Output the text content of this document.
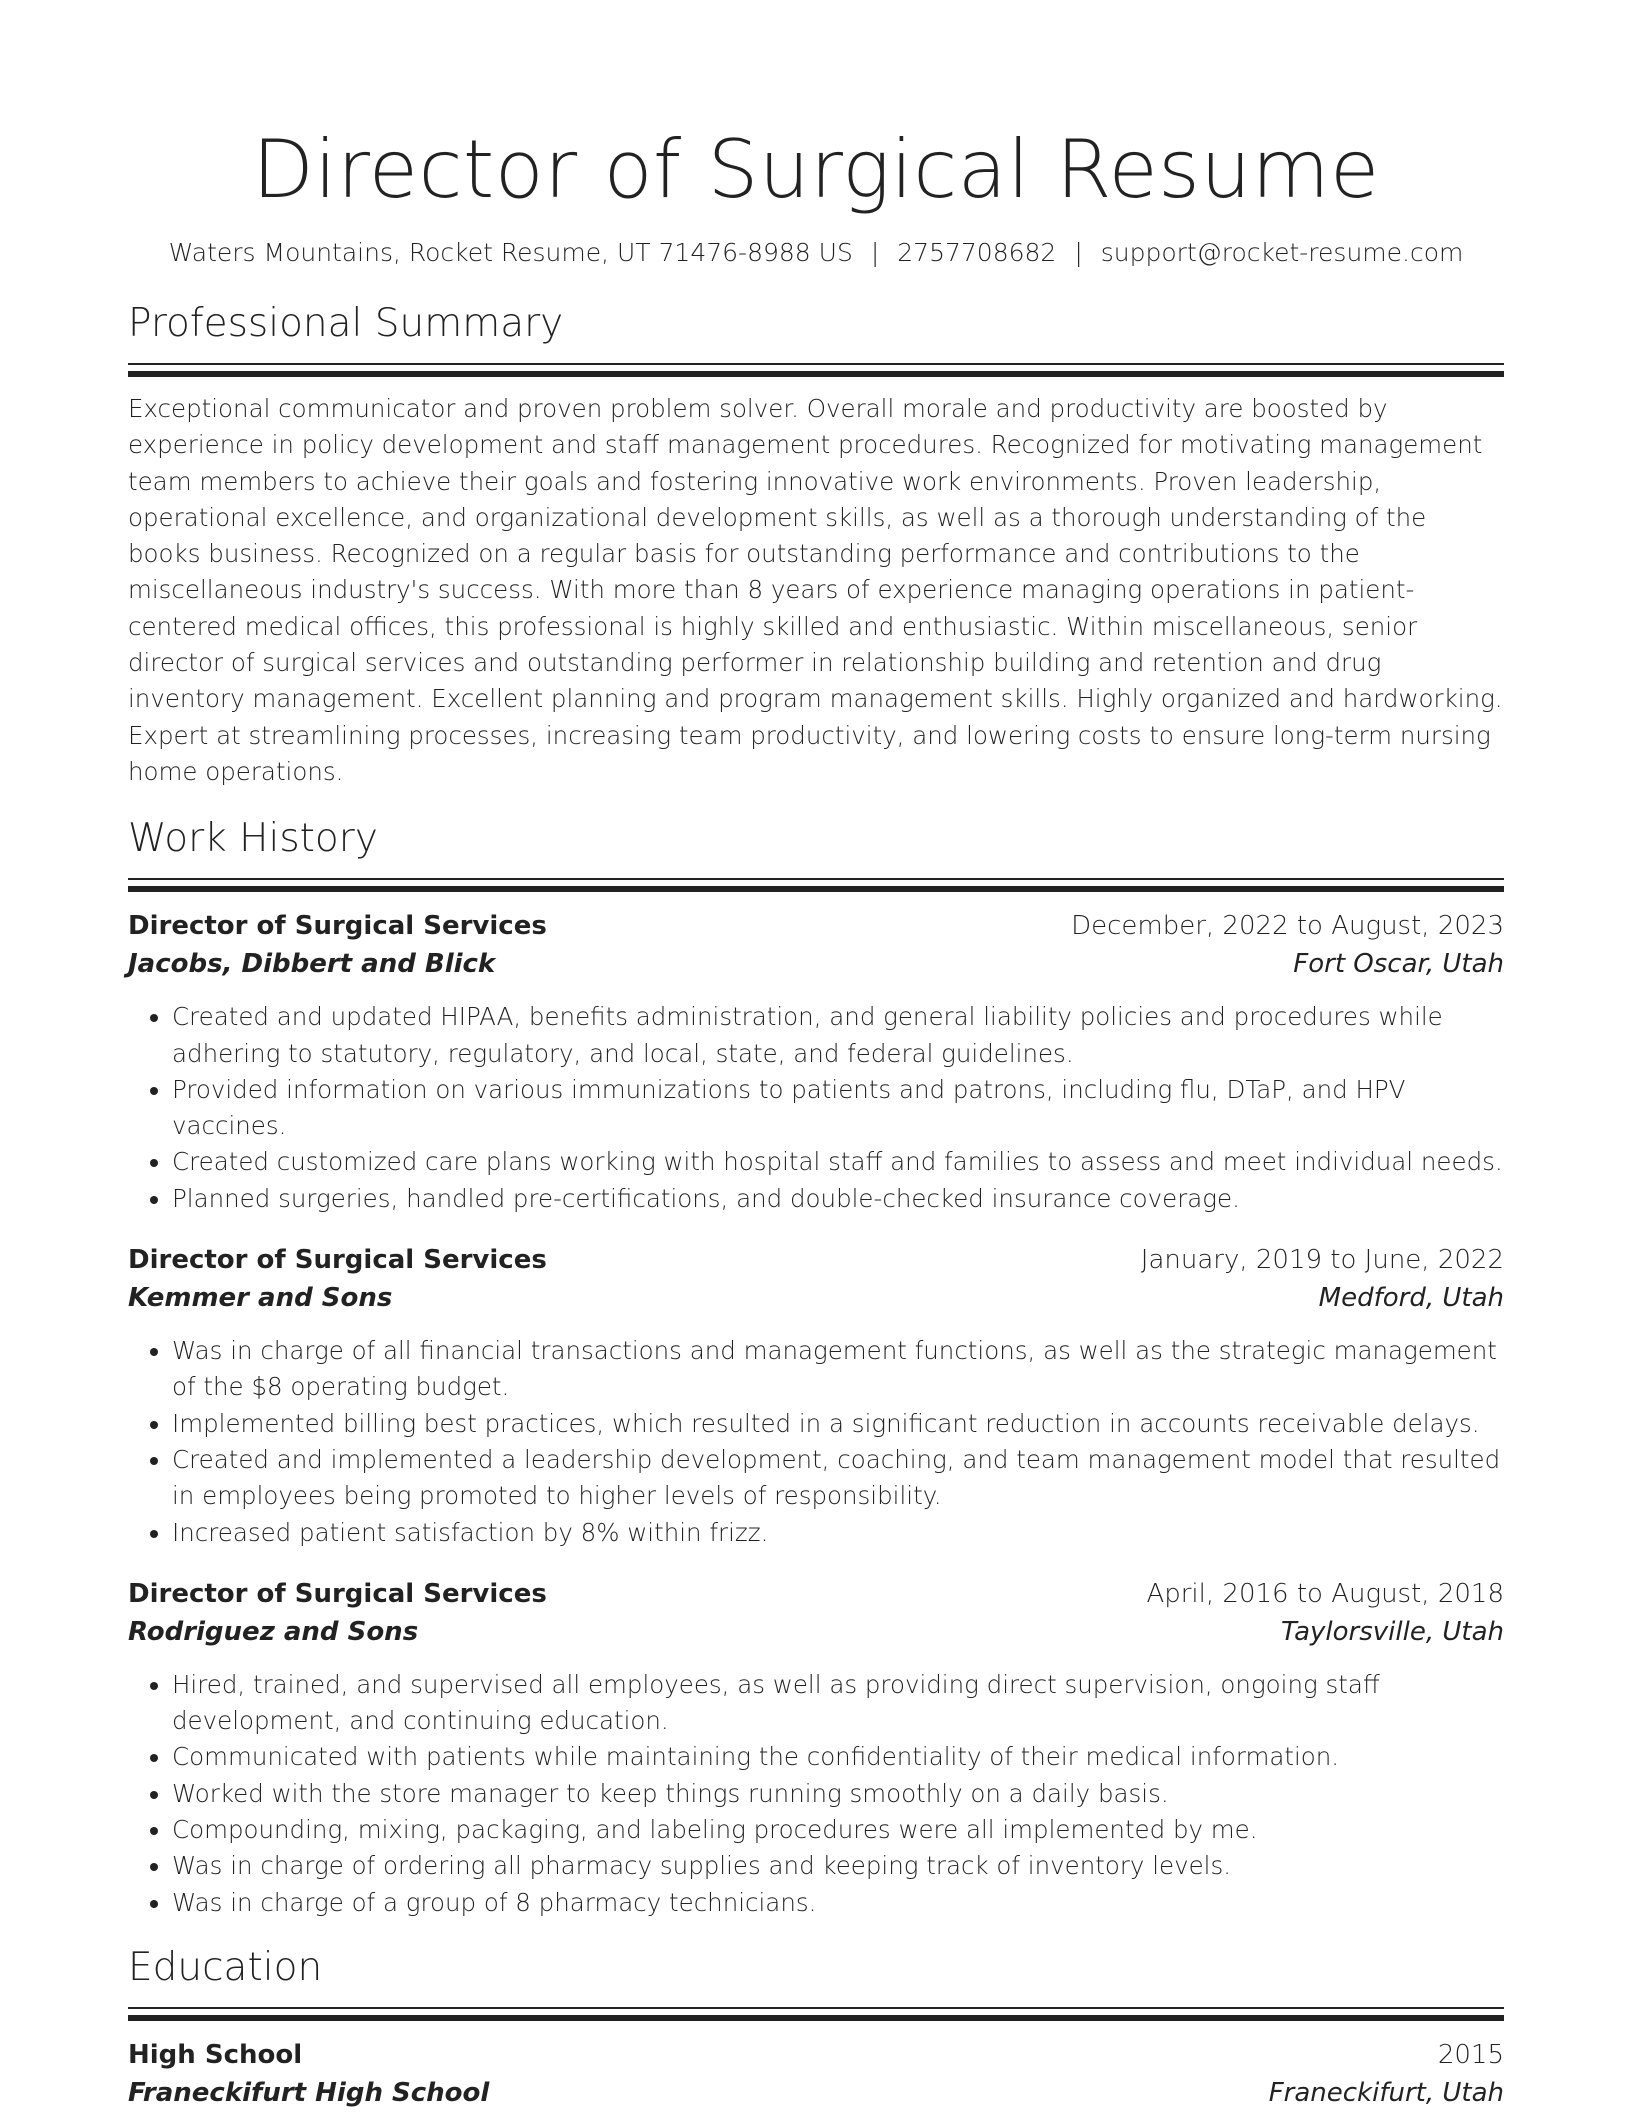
Director of Surgical Resume
Waters Mountains, Rocket Resume, UT 71476-8988 US | 2757708682 | support@rocket-resume.com
Professional Summary

Exceptional communicator and proven problem solver. Overall morale and productivity are boosted by experience in policy development and staff management procedures. Recognized for motivating management team members to achieve their goals and fostering innovative work environments. Proven leadership, operational excellence, and organizational development skills, as well as a thorough understanding of the books business. Recognized on a regular basis for outstanding performance and contributions to the miscellaneous industry's success. With more than 8 years of experience managing operations in patient-centered medical offices, this professional is highly skilled and enthusiastic. Within miscellaneous, senior director of surgical services and outstanding performer in relationship building and retention and drug inventory management. Excellent planning and program management skills. Highly organized and hardworking. Expert at streamlining processes, increasing team productivity, and lowering costs to ensure long-term nursing home operations.

Work History
Director of Surgical Services	December, 2022 to August, 2023
Jacobs, Dibbert and Blick	Fort Oscar, Utah
• Created and updated HIPAA, benefits administration, and general liability policies and procedures while adhering to statutory, regulatory, and local, state, and federal guidelines.
• Provided information on various immunizations to patients and patrons, including flu, DTaP, and HPV vaccines.
• Created customized care plans working with hospital staff and families to assess and meet individual needs.
• Planned surgeries, handled pre-certifications, and double-checked insurance coverage.
Director of Surgical Services	January, 2019 to June, 2022
Kemmer and Sons	Medford, Utah
• Was in charge of all financial transactions and management functions, as well as the strategic management of the $8 operating budget.
• Implemented billing best practices, which resulted in a significant reduction in accounts receivable delays.
• Created and implemented a leadership development, coaching, and team management model that resulted in employees being promoted to higher levels of responsibility.
• Increased patient satisfaction by 8% within frizz.
Director of Surgical Services	April, 2016 to August, 2018
Rodriguez and Sons	Taylorsville, Utah
• Hired, trained, and supervised all employees, as well as providing direct supervision, ongoing staff development, and continuing education.
• Communicated with patients while maintaining the confidentiality of their medical information.
• Worked with the store manager to keep things running smoothly on a daily basis.
• Compounding, mixing, packaging, and labeling procedures were all implemented by me.
• Was in charge of ordering all pharmacy supplies and keeping track of inventory levels.
• Was in charge of a group of 8 pharmacy technicians.
Education
High School	2015
Franeckifurt High School	Franeckifurt, Utah
